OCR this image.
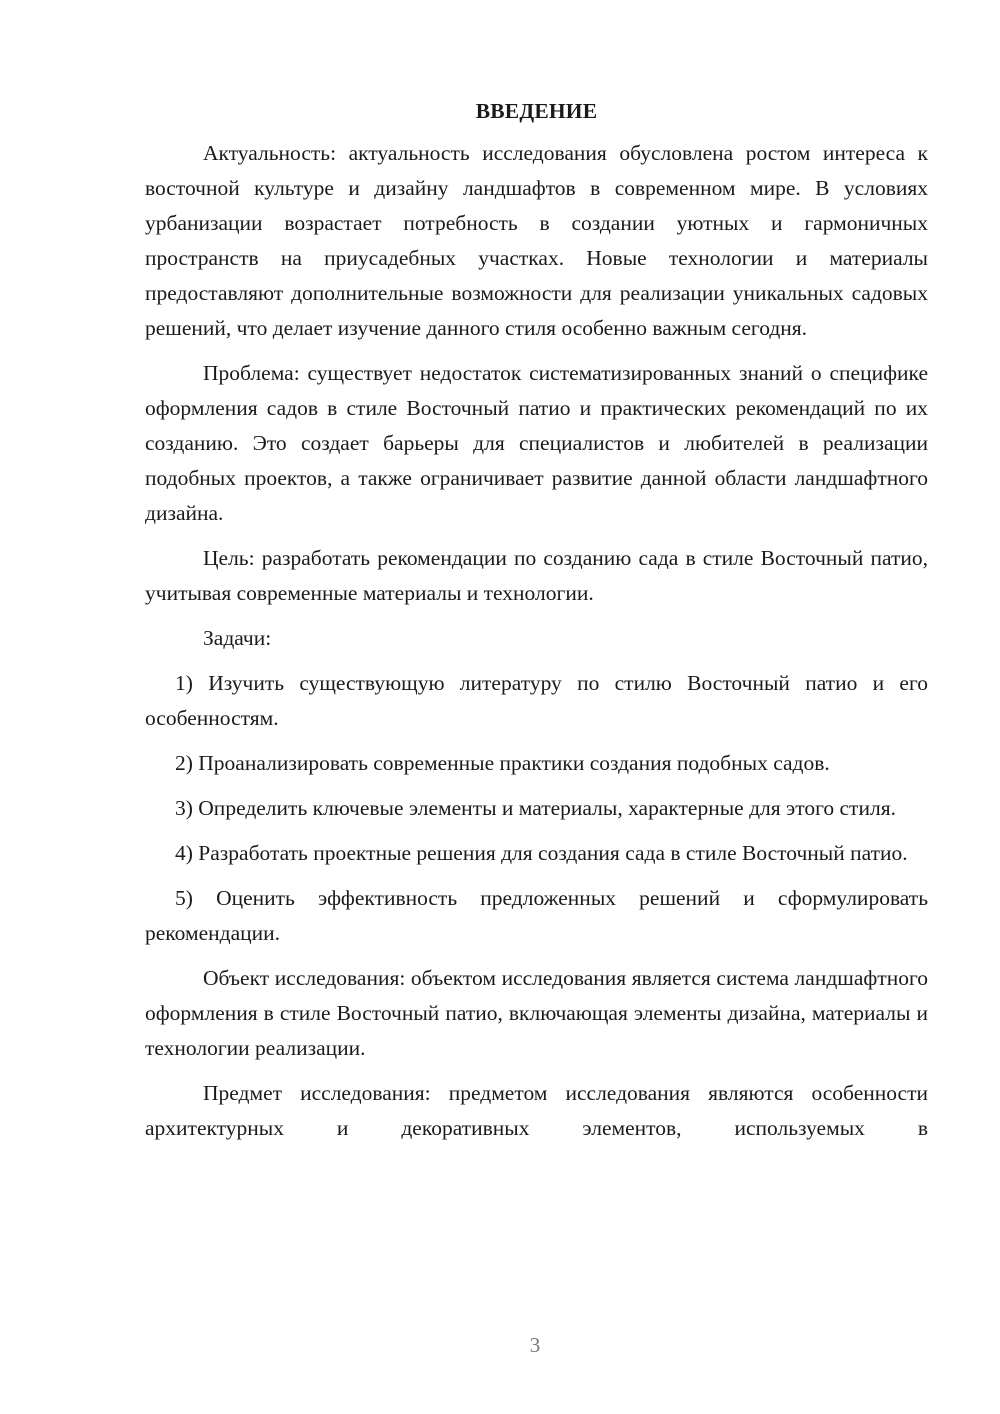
ВВЕДЕНИЕ

Актуальность: актуальность исследования обусловлена ростом интереса к восточной культуре и дизайну ландшафтов в современном мире. В условиях урбанизации возрастает потребность в создании уютных и гармоничных пространств на приусадебных участках. Новые технологии и материалы предоставляют дополнительные возможности для реализации уникальных садовых решений, что делает изучение данного стиля особенно важным сегодня.

Проблема: существует недостаток систематизированных знаний о специфике оформления садов в стиле Восточный патио и практических рекомендаций по их созданию. Это создает барьеры для специалистов и любителей в реализации подобных проектов, а также ограничивает развитие данной области ландшафтного дизайна.

Цель: разработать рекомендации по созданию сада в стиле Восточный патио, учитывая современные материалы и технологии.

Задачи:

1) Изучить существующую литературу по стилю Восточный патио и его особенностям.

2) Проанализировать современные практики создания подобных садов.

3) Определить ключевые элементы и материалы, характерные для этого стиля.

4) Разработать проектные решения для создания сада в стиле Восточный патио.

5) Оценить эффективность предложенных решений и сформулировать рекомендации.

Объект исследования: объектом исследования является система ландшафтного оформления в стиле Восточный патио, включающая элементы дизайна, материалы и технологии реализации.

Предмет исследования: предметом исследования являются особенности архитектурных и декоративных элементов, используемых в

3
